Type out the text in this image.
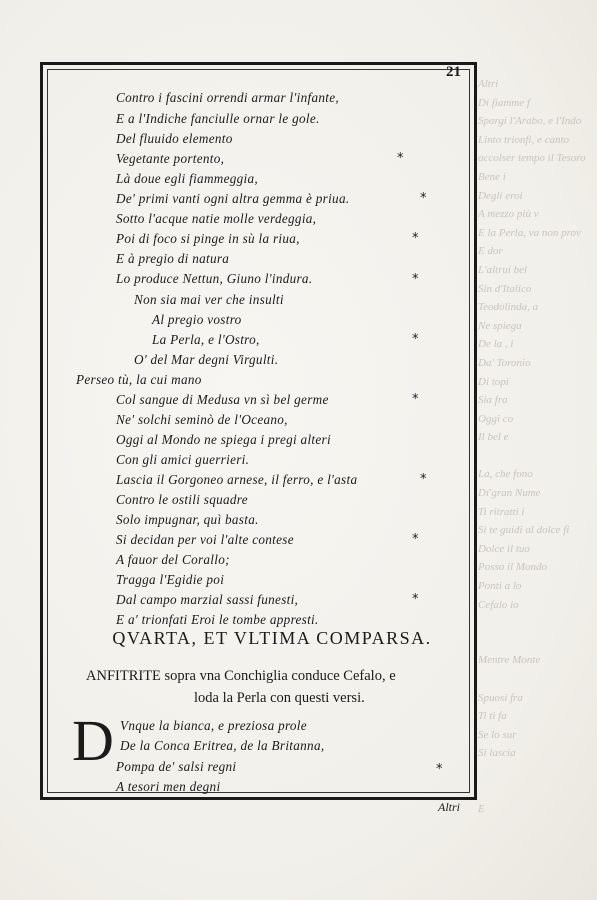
Altri
Di fiamme f
Spargi l'Arabo, e l'Indo
Linto trionfi, e canto
accolser tempo il Tesoro
Bene i
Degli eroi
A mezzo più v
E la Perla, va non prov
E dor
L'altrui bel
Sin d'Italico
Teodolinda, a
Ne spiega
De la , i
Da' Toronio
Di topi
Sia fra
Oggi co
Il bel e
La, che fono
Di'gran Nume
Ti ritratti i
Si te guidi al dolce fi
Dolce il tuo
Posso il Mondo
Ponti a lo
Cefalo io
Mentre Monte
Spuosi fra
Ti ti fa
Se lo sur
Si lascia
E
21
Contro i fascini orrendi armar l'infante,
E a l'Indiche fanciulle ornar le gole.
Del fluuido elemento
Vegetante portento,
Là doue egli fiammeggia,
De' primi vanti ogni altra gemma è priua.
Sotto l'acque natie molle verdeggia,
Poi di foco si pinge in sù la riua,
E à pregio di natura
Lo produce Nettun, Giuno l'indura.
Non sia mai ver che insulti
Al pregio vostro
La Perla, e l'Ostro,
O' del Mar degni Virgulti.
Perseo tù, la cui mano
Col sangue di Medusa vn sì bel germe
Ne' solchi seminò de l'Oceano,
Oggi al Mondo ne spiega i pregi alteri
Con gli amici guerrieri.
Lascia il Gorgoneo arnese, il ferro, e l'asta
Contro le ostili squadre
Solo impugnar, quì basta.
Si decidan per voi l'alte contese
A fauor del Corallo;
Tragga l'Egidie poi
Dal campo marzial sassi funesti,
E a' trionfati Eroi le tombe appresti.
*
*
*
*
*
*
*
*
*
*
QVARTA, ET VLTIMA COMPARSA.
ANFITRITE sopra vna Conchiglia conduce Cefalo, e
loda la Perla con questi versi.
D Vnque la bianca, e preziosa prole
De la Conca Eritrea, de la Britanna,
Pompa de' salsi regni
A tesori men degni
Altri
